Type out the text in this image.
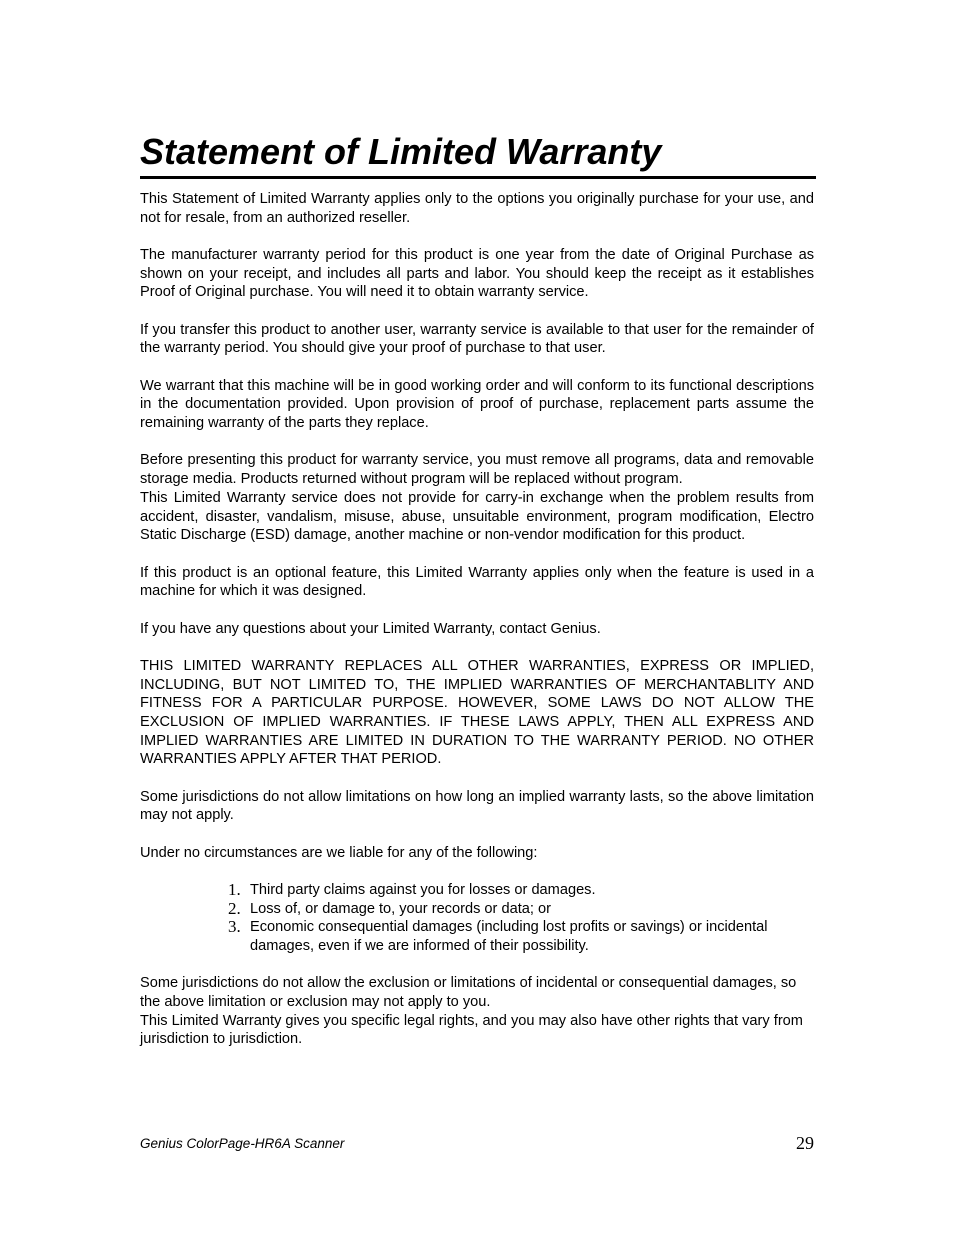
Statement of Limited Warranty

This Statement of Limited Warranty applies only to the options you originally purchase for your use, and not for resale, from an authorized reseller.

The manufacturer warranty period for this product is one year from the date of Original Purchase as shown on your receipt, and includes all parts and labor. You should keep the receipt as it establishes Proof of Original purchase. You will need it to obtain warranty service.

If you transfer this product to another user, warranty service is available to that user for the remainder of the warranty period. You should give your proof of purchase to that user.

We warrant that this machine will be in good working order and will conform to its functional descriptions in the documentation provided. Upon provision of proof of purchase, replacement parts assume the remaining warranty of the parts they replace.

Before presenting this product for warranty service, you must remove all programs, data and removable storage media. Products returned without program will be replaced without program.

This Limited Warranty service does not provide for carry-in exchange when the problem results from accident, disaster, vandalism, misuse, abuse, unsuitable environment, program modification, Electro Static Discharge (ESD) damage, another machine or non-vendor modification for this product.

If this product is an optional feature, this Limited Warranty applies only when the feature is used in a machine for which it was designed.

If you have any questions about your Limited Warranty, contact Genius.

THIS LIMITED WARRANTY REPLACES ALL OTHER WARRANTIES, EXPRESS OR IMPLIED, INCLUDING, BUT NOT LIMITED TO, THE IMPLIED WARRANTIES OF MERCHANTABLITY AND FITNESS FOR A PARTICULAR PURPOSE. HOWEVER, SOME LAWS DO NOT ALLOW THE EXCLUSION OF IMPLIED WARRANTIES. IF THESE LAWS APPLY, THEN ALL EXPRESS AND IMPLIED WARRANTIES ARE LIMITED IN DURATION TO THE WARRANTY PERIOD. NO OTHER WARRANTIES APPLY AFTER THAT PERIOD.

Some jurisdictions do not allow limitations on how long an implied warranty lasts, so the above limitation may not apply.

Under no circumstances are we liable for any of the following:

1. Third party claims against you for losses or damages.
2. Loss of, or damage to, your records or data; or
3. Economic consequential damages (including lost profits or savings) or incidental damages, even if we are informed of their possibility.

Some jurisdictions do not allow the exclusion or limitations of incidental or consequential damages, so the above limitation or exclusion may not apply to you.

This Limited Warranty gives you specific legal rights, and you may also have other rights that vary from jurisdiction to jurisdiction.

Genius ColorPage-HR6A Scanner	29
